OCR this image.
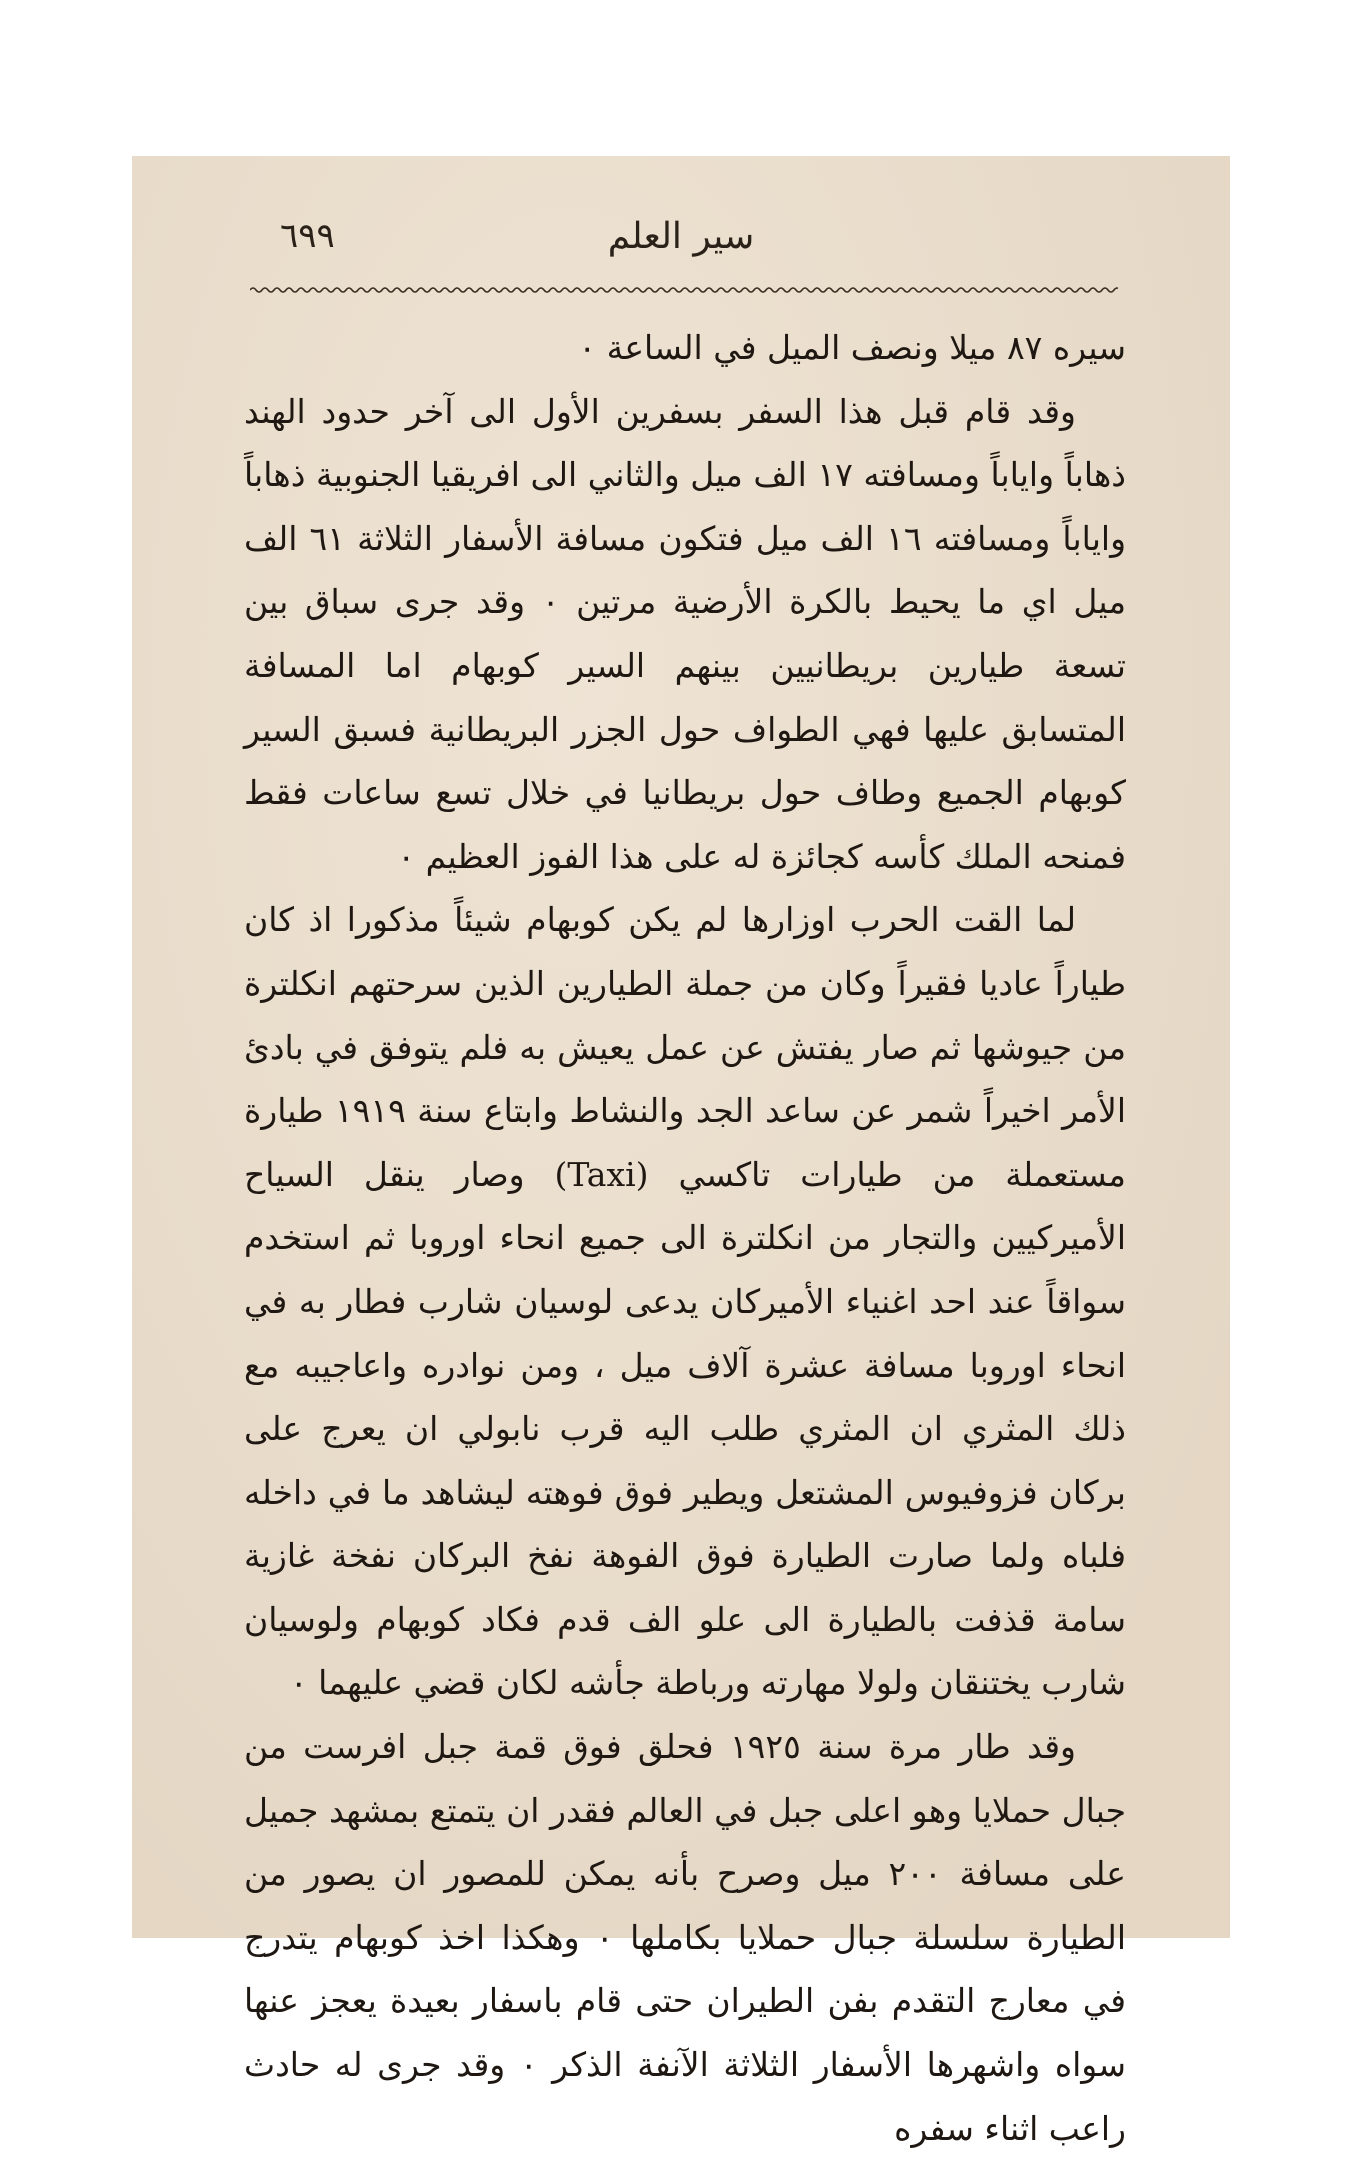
٦٩٩	سير العلم

سيره ٨٧ ميلا ونصف الميل في الساعة ٠

وقد قام قبل هذا السفر بسفرين الأول الى آخر حدود الهند ذهاباً واياباً ومسافته ١٧ الف ميل والثاني الى افريقيا الجنوبية ذهاباً واياباً ومسافته ١٦ الف ميل فتكون مسافة الأسفار الثلاثة ٦١ الف ميل اي ما يحيط بالكرة الأرضية مرتين ٠ وقد جرى سباق بين تسعة طيارين بريطانيين بينهم السير كوبهام اما المسافة المتسابق عليها فهي الطواف حول الجزر البريطانية فسبق السير كوبهام الجميع وطاف حول بريطانيا في خلال تسع ساعات فقط فمنحه الملك كأسه كجائزة له على هذا الفوز العظيم ٠

لما القت الحرب اوزارها لم يكن كوبهام شيئاً مذكورا اذ كان طياراً عاديا فقيراً وكان من جملة الطيارين الذين سرحتهم انكلترة من جيوشها ثم صار يفتش عن عمل يعيش به فلم يتوفق في بادئ الأمر اخيراً شمر عن ساعد الجد والنشاط وابتاع سنة ١٩١٩ طيارة مستعملة من طيارات تاكسي (Taxi) وصار ينقل السياح الأميركيين والتجار من انكلترة الى جميع انحاء اوروبا ثم استخدم سواقاً عند احد اغنياء الأميركان يدعى لوسيان شارب فطار به في انحاء اوروبا مسافة عشرة آلاف ميل ، ومن نوادره واعاجيبه مع ذلك المثري ان المثري طلب اليه قرب نابولي ان يعرج على بركان فزوفيوس المشتعل ويطير فوق فوهته ليشاهد ما في داخله فلباه ولما صارت الطيارة فوق الفوهة نفخ البركان نفخة غازية سامة قذفت بالطيارة الى علو الف قدم فكاد كوبهام ولوسيان شارب يختنقان ولولا مهارته ورباطة جأشه لكان قضي عليهما ٠

وقد طار مرة سنة ١٩٢٥ فحلق فوق قمة جبل افرست من جبال حملايا وهو اعلى جبل في العالم فقدر ان يتمتع بمشهد جميل على مسافة ٢٠٠ ميل وصرح بأنه يمكن للمصور ان يصور من الطيارة سلسلة جبال حملايا بكاملها ٠ وهكذا اخذ كوبهام يتدرج في معارج التقدم بفن الطيران حتى قام باسفار بعيدة يعجز عنها سواه واشهرها الأسفار الثلاثة الآنفة الذكر ٠ وقد جرى له حادث راعب اثناء سفره
